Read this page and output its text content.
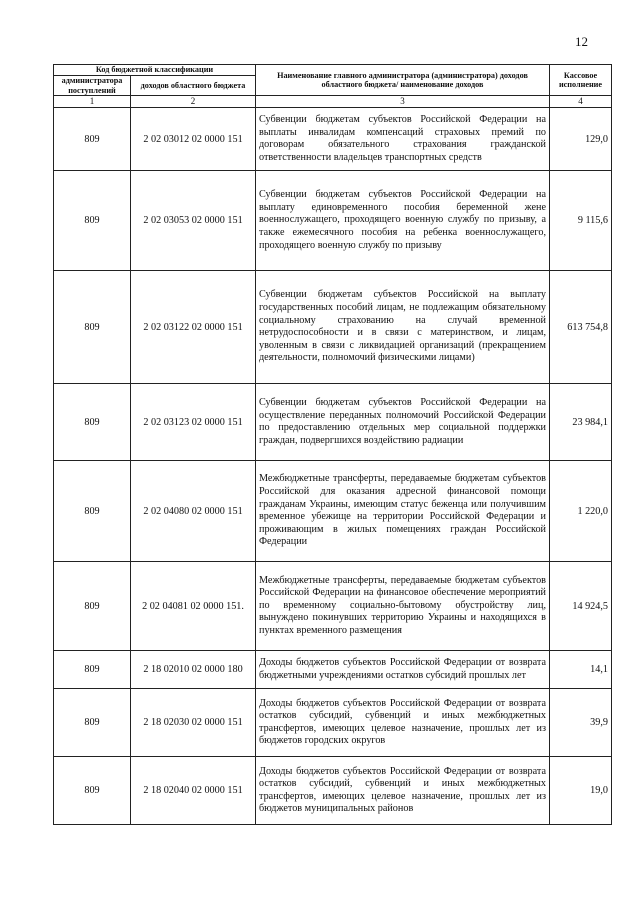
12
Код бюджетной классификации		Наименование главного администратора (администратора) доходов областного бюджета/ наименование доходов	Кассовое исполнение
администратора поступлений	доходов областного бюджета		
1	2	3	4
809	2 02 03012 02 0000 151	Субвенции бюджетам субъектов Российской Федерации на выплаты инвалидам компенсаций страховых премий по договорам обязательного страхования гражданской ответственности владельцев транспортных средств	129,0
809	2 02 03053 02 0000 151	Субвенции бюджетам субъектов Российской Федерации на выплату единовременного пособия беременной жене военнослужащего, проходящего военную службу по призыву, а также ежемесячного пособия на ребенка военнослужащего, проходящего военную службу по призыву	9 115,6
809	2 02 03122 02 0000 151	Субвенции бюджетам субъектов Российской на выплату государственных пособий лицам, не подлежащим обязательному социальному страхованию на случай временной нетрудоспособности и в связи с материнством, и лицам, уволенным в связи с ликвидацией организаций (прекращением деятельности, полномочий физическими лицами)	613 754,8
809	2 02 03123 02 0000 151	Субвенции бюджетам субъектов Российской Федерации на осуществление переданных полномочий Российской Федерации по предоставлению отдельных мер социальной поддержки граждан, подвергшихся воздействию радиации	23 984,1
809	2 02 04080 02 0000 151	Межбюджетные трансферты, передаваемые бюджетам субъектов Российской для оказания адресной финансовой помощи гражданам Украины, имеющим статус беженца или получившим временное убежище на территории Российской Федерации и проживающим в жилых помещениях граждан Российской Федерации	1 220,0
809	2 02 04081 02 0000 151.	Межбюджетные трансферты, передаваемые бюджетам субъектов Российской Федерации на финансовое обеспечение мероприятий по временному социально-бытовому обустройству лиц, вынуждено покинувших территорию Украины и находящихся в пунктах временного размещения	14 924,5
809	2 18 02010 02 0000 180	Доходы бюджетов субъектов Российской Федерации от возврата бюджетными учреждениями остатков субсидий прошлых лет	14,1
809	2 18 02030 02 0000 151	Доходы бюджетов субъектов Российской Федерации от возврата остатков субсидий, субвенций и иных межбюджетных трансфертов, имеющих целевое назначение, прошлых лет из бюджетов городских округов	39,9
809	2 18 02040 02 0000 151	Доходы бюджетов субъектов Российской Федерации от возврата остатков субсидий, субвенций и иных межбюджетных трансфертов, имеющих целевое назначение, прошлых лет из бюджетов муниципальных районов	19,0
